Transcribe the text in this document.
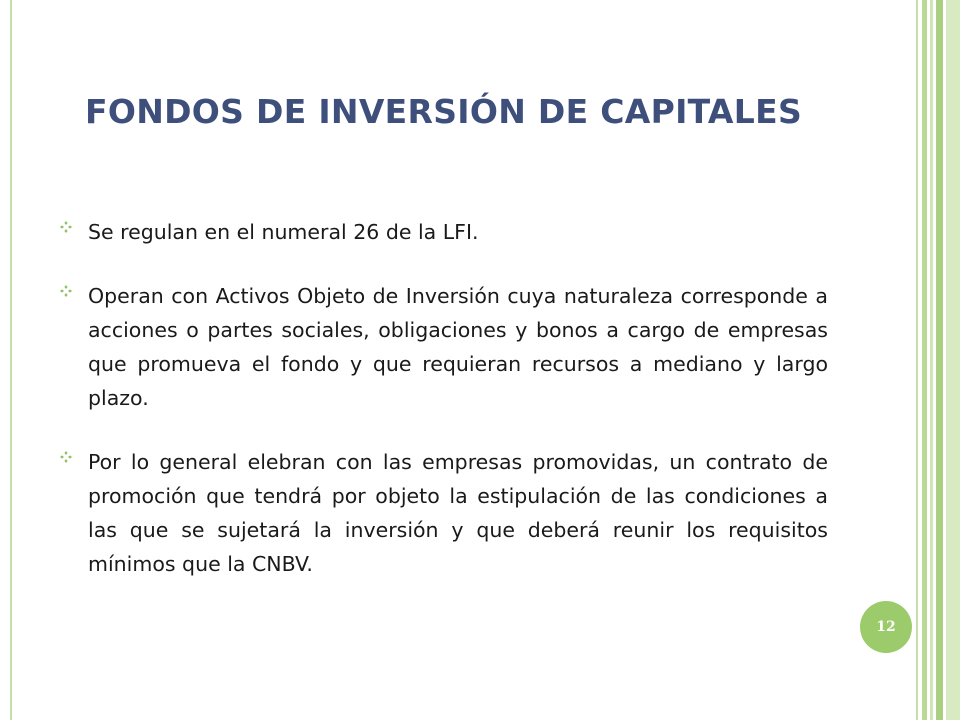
FONDOS DE INVERSIÓN DE CAPITALES
Se regulan en el numeral 26 de la LFI.
Operan con Activos Objeto de Inversión cuya naturaleza corresponde a acciones o partes sociales, obligaciones y bonos a cargo de empresas que promueva el fondo y que requieran recursos a mediano y largo plazo.
Por lo general elebran con las empresas promovidas, un contrato de promoción que tendrá por objeto la estipulación de las condiciones a las que se sujetará la inversión y que deberá reunir los requisitos mínimos que la CNBV.
12
